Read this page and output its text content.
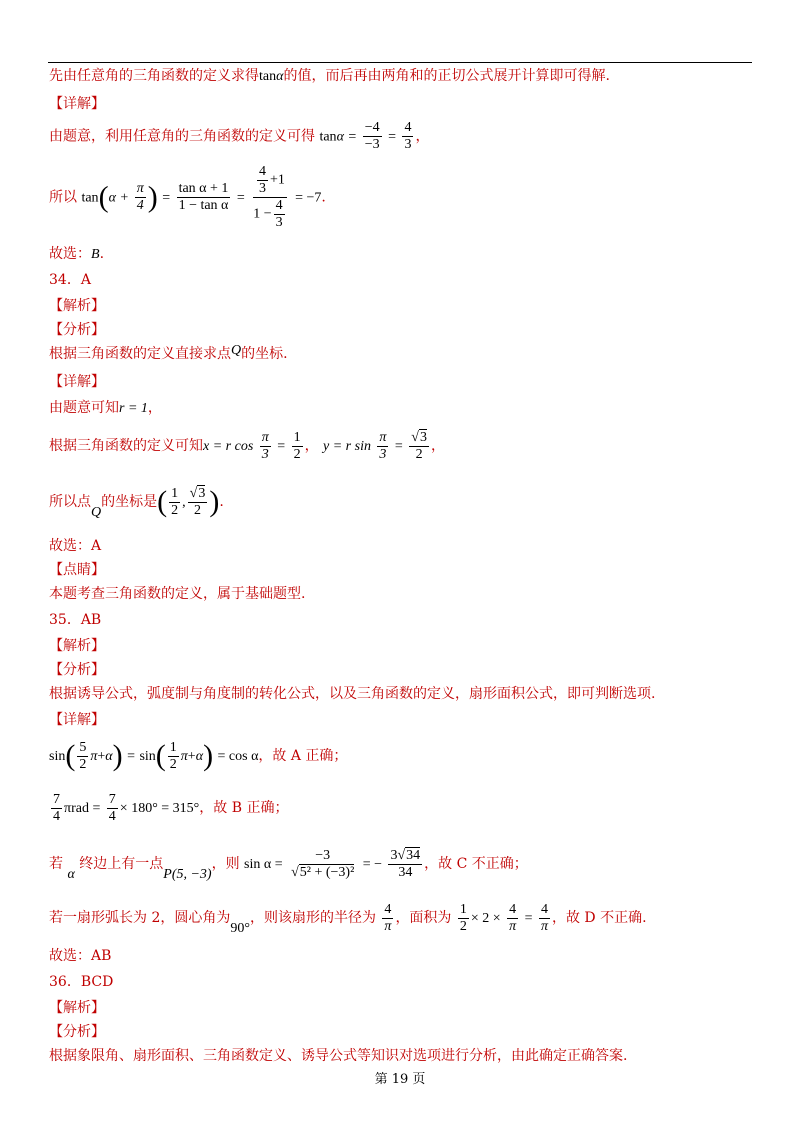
先由任意角的三角函数的定义求得tanα的值，而后再由两角和的正切公式展开计算即可得解.
【详解】
由题意，利用任意角的三角函数的定义可得 $\tan\alpha = \frac{-4}{-3} = \frac{4}{3}$ ，
所以 $\tan(\alpha + \frac{\pi}{4}$ ) = $\frac{\text{tan α + 1}}{\text{1 − tan α}} = \frac{\frac{4}{3} +1}{1 - \frac{4}{3}} = -7$.
故选：B.
34．A
【解析】
【分析】
根据三角函数的定义直接求点Q的坐标.
【详解】
由题意可知r = 1，
根据三角函数的定义可知x = r $\cos \frac{\pi}{3} = \frac{1}{2}$ ， y = r $\sin \frac{\pi}{3} = \frac{√3}{2}$ ，
所以点Q的坐标是( $\frac{1}{2}$ , $\frac{√3}{2}$ ).
故选：A
【点睛】
本题考查三角函数的定义，属于基础题型.
35．AB
【解析】
【分析】
根据诱导公式，弧度制与角度制的转化公式，以及三角函数的定义，扇形面积公式，即可判断选项.
【详解】
$\sin( \frac{5}{2} \pi+\alpha) = \sin( \frac{1}{2} \pi+\alpha) = \cos \alpha$，故 A 正确；
$\frac{7}{4}$ $\pi rad = \frac{7}{4} \times 180^\circ = 315^\circ$，故 B 正确；
若 α 终边上有一点P(5, −3)，则 $\sin \alpha = \frac{-3}{\text{√5² + (−3)²}}$ = − $\frac{3√34}{34}$ ，故 C 不正确；
若一扇形弧长为 2，圆心角为90°，则该扇形的半径为 $\frac{4}{\pi}$ ，面积为 $\frac{1}{2} \times 2 \times \frac{4}{\pi} = \frac{4}{\pi}$ ，故 D 不正确.
故选：AB
36．BCD
【解析】
【分析】
根据象限角、扇形面积、三角函数定义、诱导公式等知识对选项进行分析，由此确定正确答案.
第 19 页
